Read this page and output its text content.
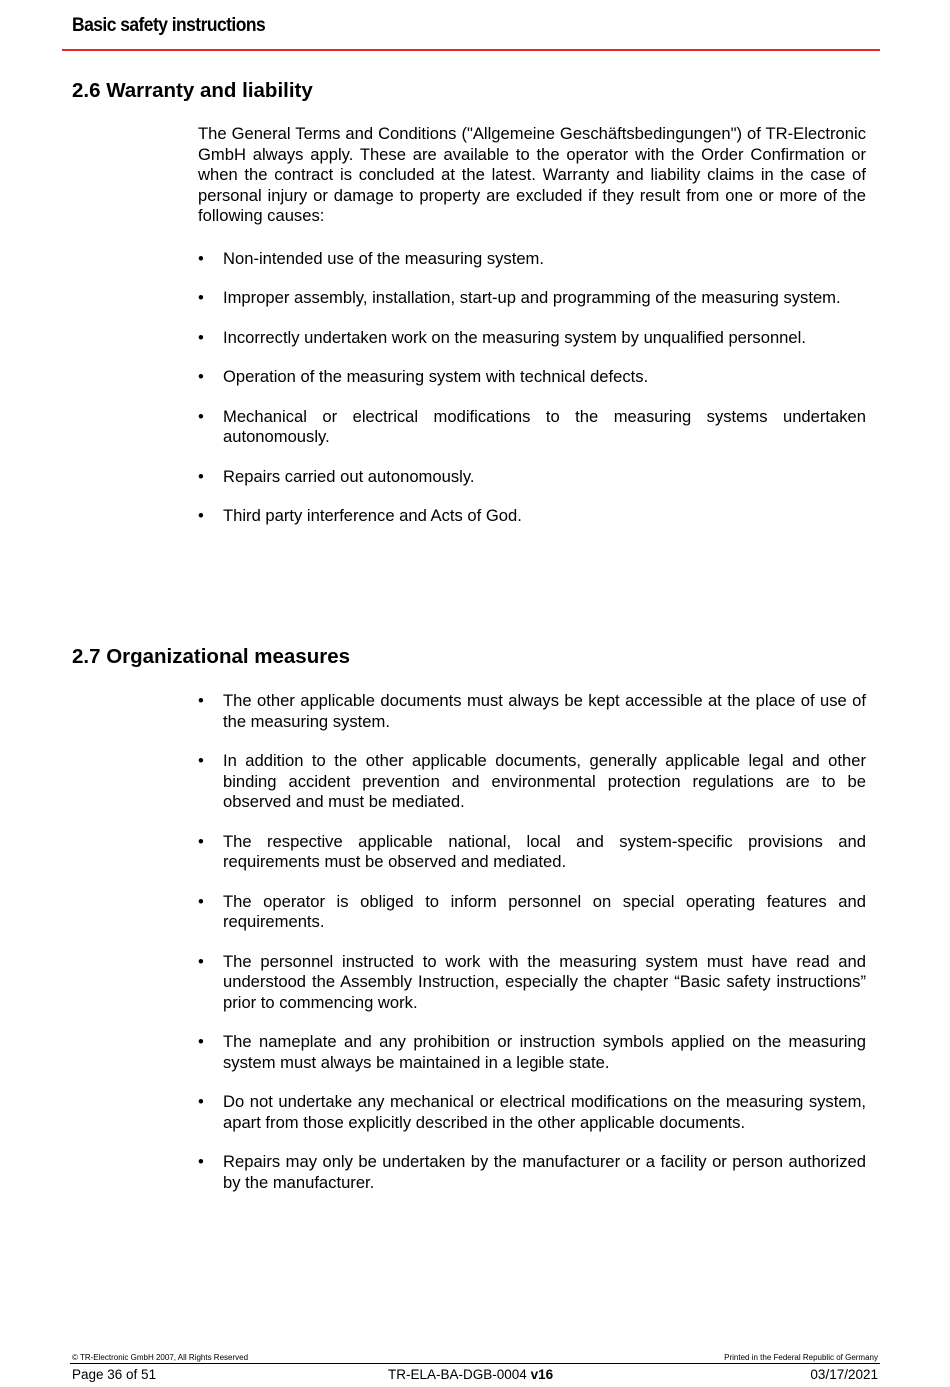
Basic safety instructions
2.6 Warranty and liability

The General Terms and Conditions ("Allgemeine Geschäftsbedingungen") of TR-Electronic GmbH always apply. These are available to the operator with the Order Confirmation or when the contract is concluded at the latest. Warranty and liability claims in the case of personal injury or damage to property are excluded if they result from one or more of the following causes:

•	Non-intended use of the measuring system.
•	Improper assembly, installation, start-up and programming of the measuring system.
•	Incorrectly undertaken work on the measuring system by unqualified personnel.
•	Operation of the measuring system with technical defects.
•	Mechanical or electrical modifications to the measuring systems undertaken autonomously.
•	Repairs carried out autonomously.
•	Third party interference and Acts of God.
2.7 Organizational measures
•	The other applicable documents must always be kept accessible at the place of use of the measuring system.
•	In addition to the other applicable documents, generally applicable legal and other binding accident prevention and environmental protection regulations are to be observed and must be mediated.
•	The respective applicable national, local and system-specific provisions and requirements must be observed and mediated.
•	The operator is obliged to inform personnel on special operating features and requirements.
•	The personnel instructed to work with the measuring system must have read and understood the Assembly Instruction, especially the chapter “Basic safety instructions” prior to commencing work.
•	The nameplate and any prohibition or instruction symbols applied on the measuring system must always be maintained in a legible state.
•	Do not undertake any mechanical or electrical modifications on the measuring system, apart from those explicitly described in the other applicable documents.
•	Repairs may only be undertaken by the manufacturer or a facility or person authorized by the manufacturer.
© TR-Electronic GmbH 2007, All Rights Reserved	Printed in the Federal Republic of Germany
Page 36 of 51	TR-ELA-BA-DGB-0004 v16	03/17/2021
